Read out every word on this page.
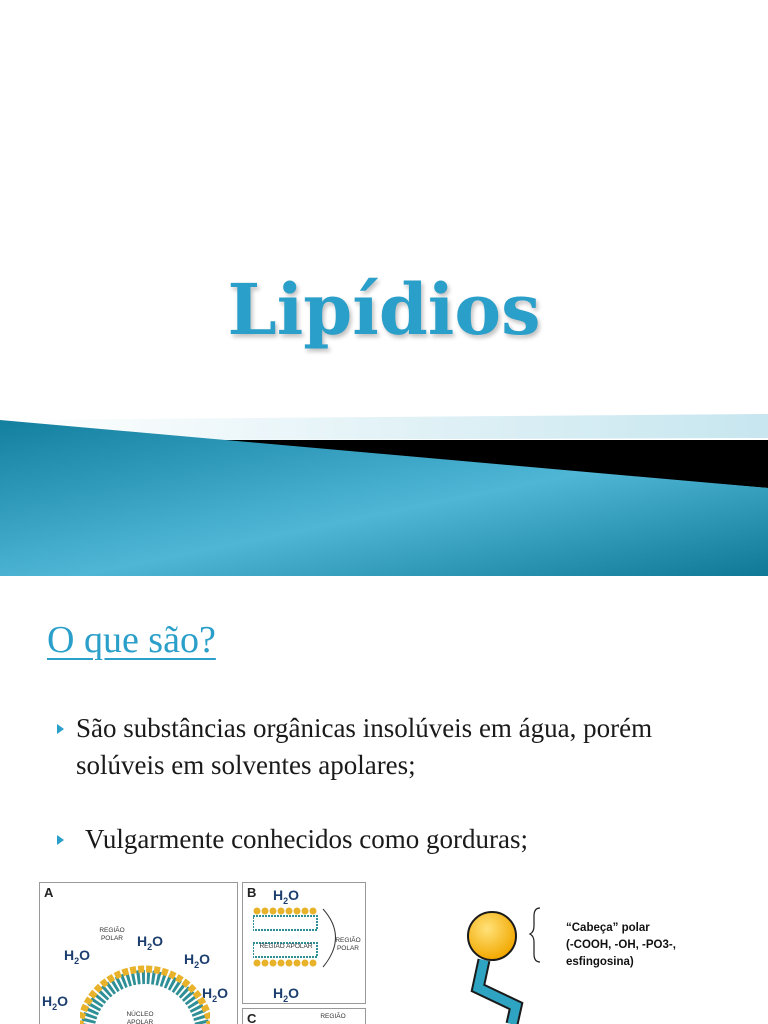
Lipídios
O que são?
São substâncias orgânicas insolúveis em água, porém solúveis em solventes apolares;
Vulgarmente conhecidos como gorduras;
A
REGIÃO
POLAR $H_2O$
$H_2O$	$H_2O$
$H_2O$	$H_2O$
NÚCLEO
APOLAR
B $H_2O$
REGIÃO APOLAR
REGIÃO
POLAR
$H_2O$
C	REGIÃO
“Cabeça” polar
(-COOH, -OH, -PO3-,
esfingosina)
